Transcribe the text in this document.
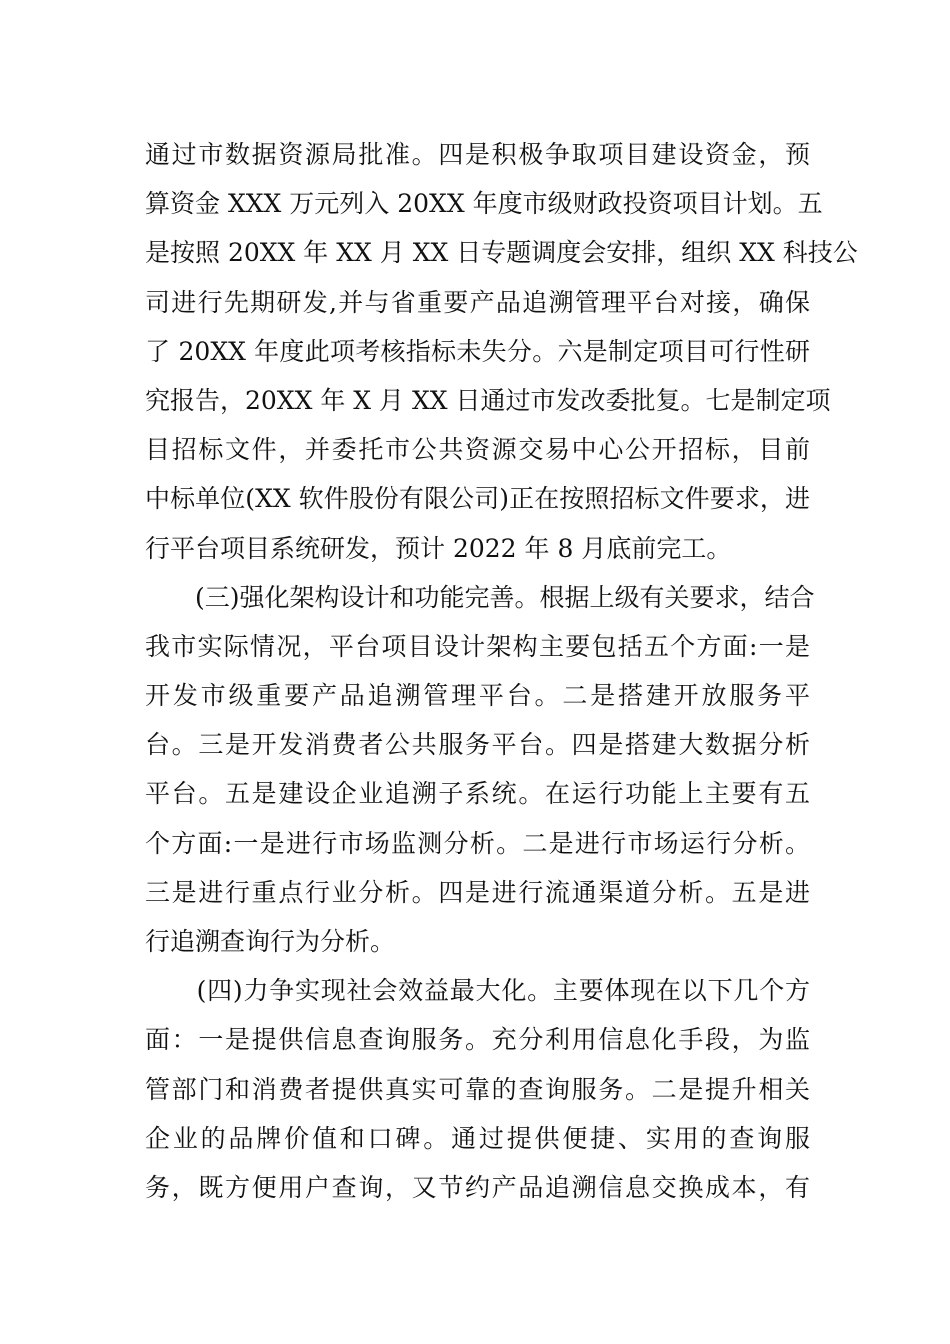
通过市数据资源局批准。四是积极争取项目建设资金，预
算资金 XXX 万元列入 20XX 年度市级财政投资项目计划。五
是按照 20XX 年 XX 月 XX 日专题调度会安排，组织 XX 科技公
司进行先期研发,并与省重要产品追溯管理平台对接，确保
了 20XX 年度此项考核指标未失分。六是制定项目可行性研
究报告，20XX 年 X 月 XX 日通过市发改委批复。七是制定项
目招标文件，并委托市公共资源交易中心公开招标，目前
中标单位(XX 软件股份有限公司)正在按照招标文件要求，进
行平台项目系统研发，预计 2022 年 8 月底前完工。
　　(三)强化架构设计和功能完善。根据上级有关要求，结合
我市实际情况，平台项目设计架构主要包括五个方面:一是
开发市级重要产品追溯管理平台。二是搭建开放服务平
台。三是开发消费者公共服务平台。四是搭建大数据分析
平台。五是建设企业追溯子系统。在运行功能上主要有五
个方面:一是进行市场监测分析。二是进行市场运行分析。
三是进行重点行业分析。四是进行流通渠道分析。五是进
行追溯查询行为分析。
　　(四)力争实现社会效益最大化。主要体现在以下几个方
面：一是提供信息查询服务。充分利用信息化手段，为监
管部门和消费者提供真实可靠的查询服务。二是提升相关
企业的品牌价值和口碑。通过提供便捷、实用的查询服
务，既方便用户查询，又节约产品追溯信息交换成本，有
